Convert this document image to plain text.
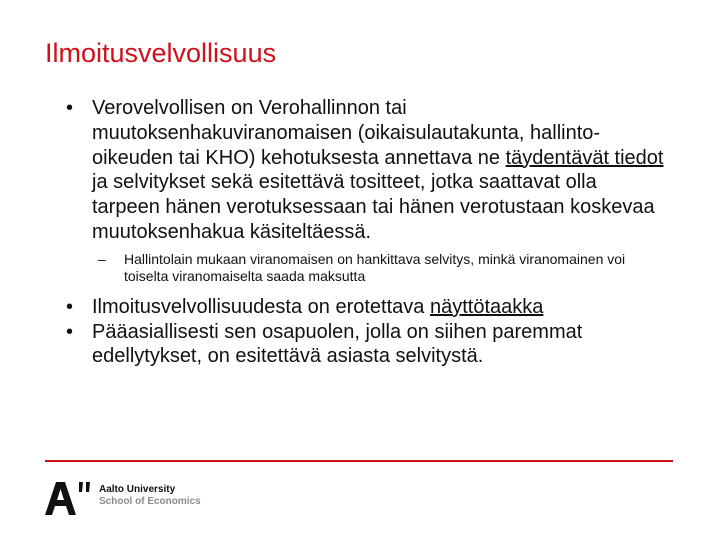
Ilmoitusvelvollisuus
• Verovelvollisen on Verohallinnon tai muutoksenhakuviranomaisen (oikaisulautakunta, hallinto-oikeuden tai KHO) kehotuksesta annettava ne täydentävät tiedot ja selvitykset sekä esitettävä tositteet, jotka saattavat olla tarpeen hänen verotuksessaan tai hänen verotustaan koskevaa muutoksenhakua käsiteltäessä.
– Hallintolain mukaan viranomaisen on hankittava selvitys, minkä viranomainen voi toiselta viranomaiselta saada maksutta
• Ilmoitusvelvollisuudesta on erotettava näyttötaakka
• Pääasiallisesti sen osapuolen, jolla on siihen paremmat edellytykset, on esitettävä asiasta selvitystä.
Aalto University
School of Economics
